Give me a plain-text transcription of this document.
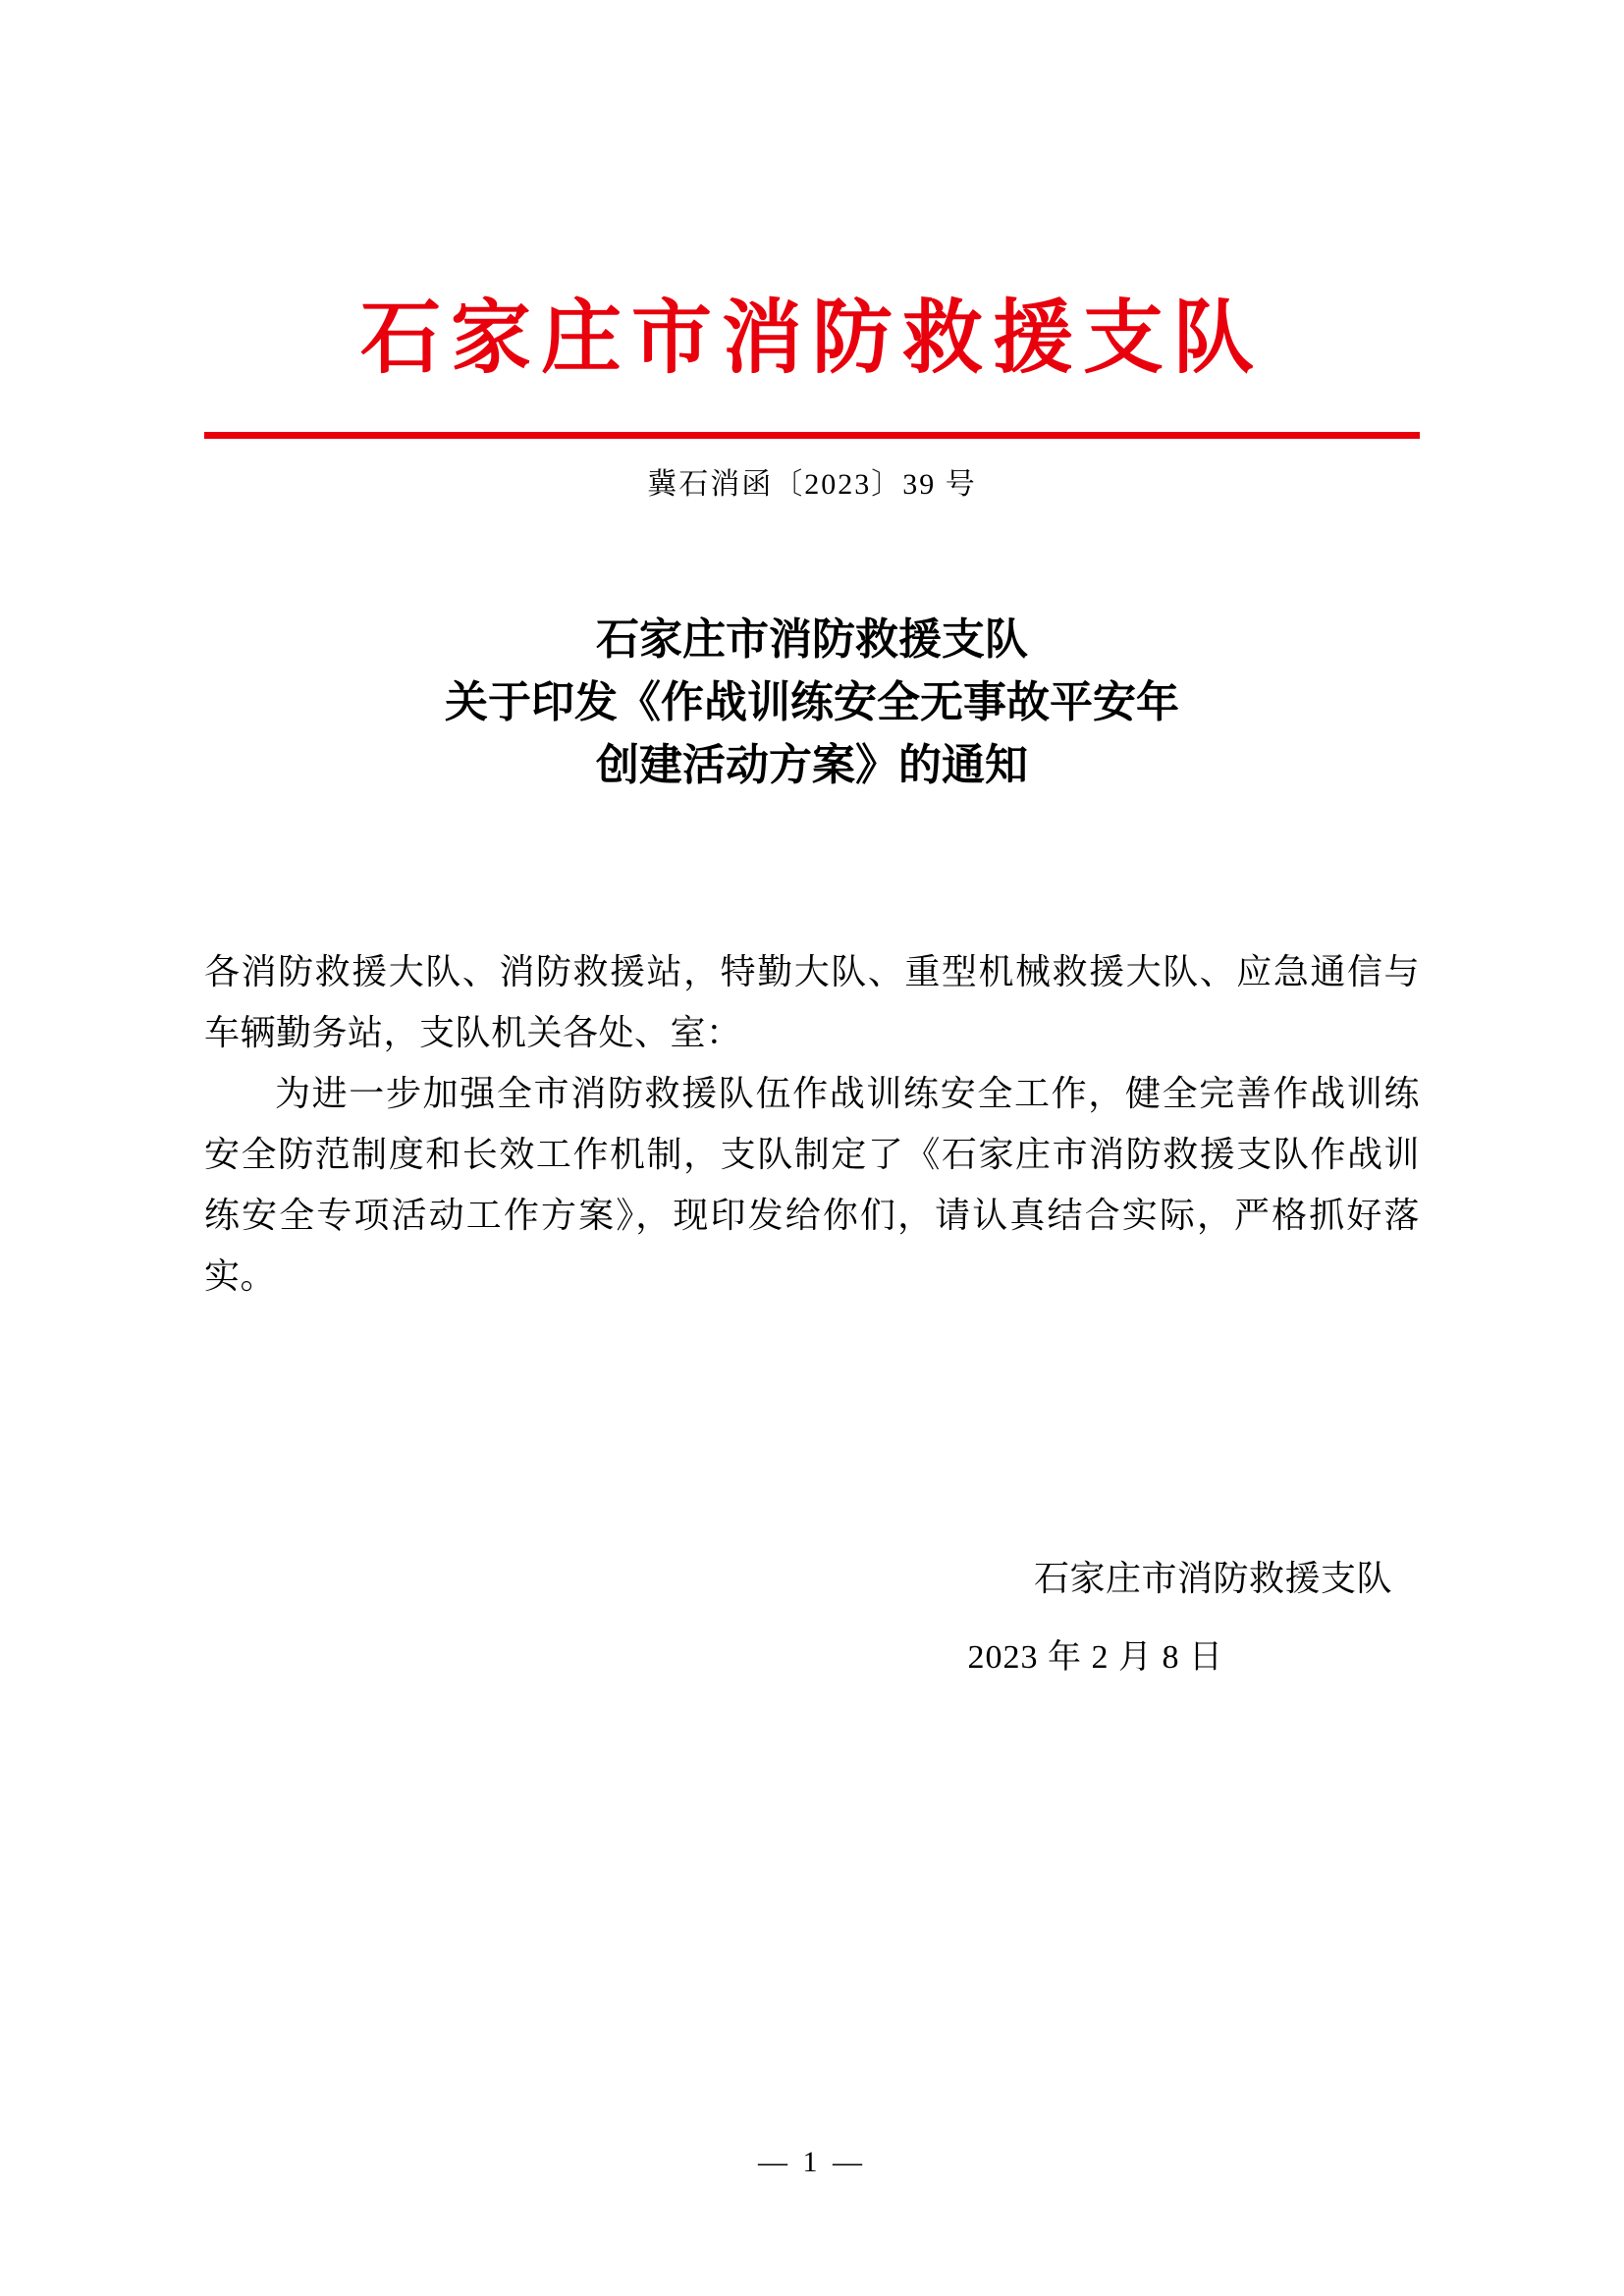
石家庄市消防救援支队
冀石消函〔2023〕39 号
石家庄市消防救援支队
关于印发《作战训练安全无事故平安年
创建活动方案》的通知

各消防救援大队、消防救援站，特勤大队、重型机械救援大队、应急通信与车辆勤务站，支队机关各处、室：

为进一步加强全市消防救援队伍作战训练安全工作，健全完善作战训练安全防范制度和长效工作机制，支队制定了《石家庄市消防救援支队作战训练安全专项活动工作方案》，现印发给你们，请认真结合实际，严格抓好落实。

石家庄市消防救援支队
2023 年 2 月 8 日
— 1 —
